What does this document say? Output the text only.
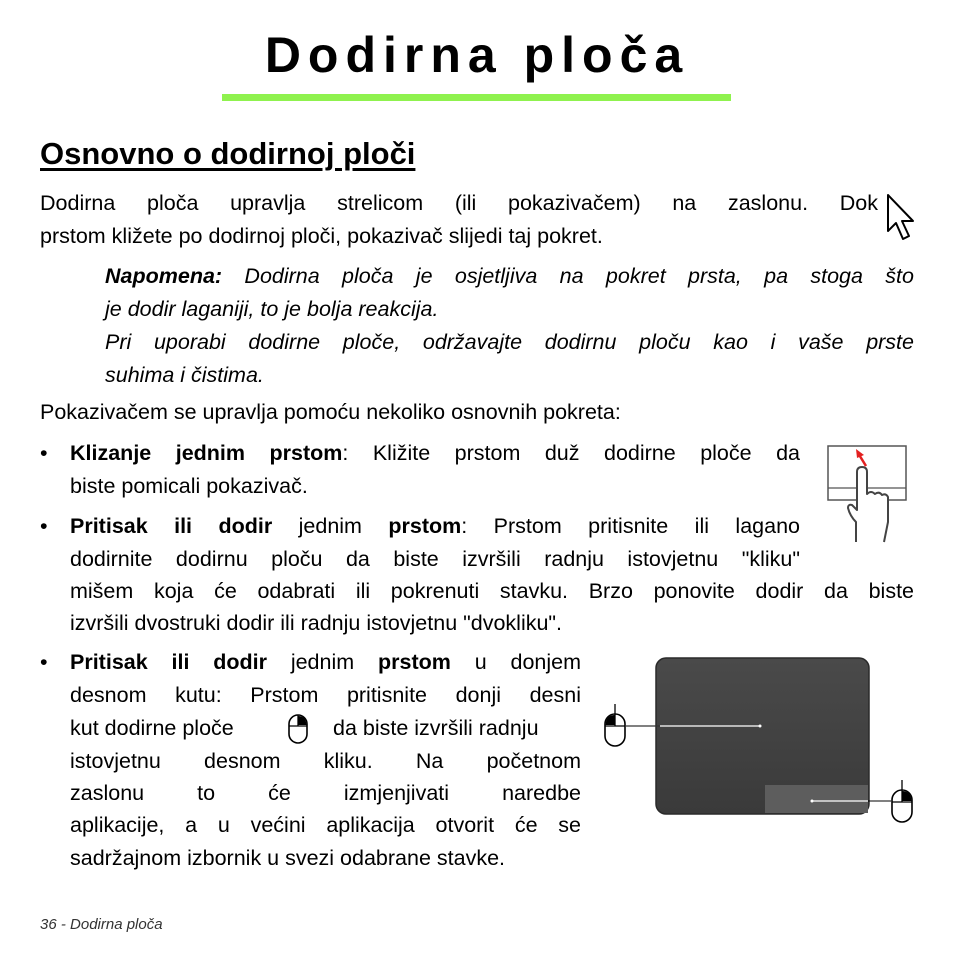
Dodirna ploča
Osnovno o dodirnoj ploči

Dodirna ploča upravlja strelicom (ili pokazivačem) na zaslonu. Dok

prstom kližete po dodirnoj ploči, pokazivač slijedi taj pokret.

Napomena: Dodirna ploča je osjetljiva na pokret prsta, pa stoga što

je dodir laganiji, to je bolja reakcija.

Pri uporabi dodirne ploče, održavajte dodirnu ploču kao i vaše prste

suhima i čistima.

Pokazivačem se upravlja pomoću nekoliko osnovnih pokreta:

• Klizanje jednim prstom: Kližite prstom duž dodirne ploče da

biste pomicali pokazivač.

• Pritisak ili dodir jednim prstom: Prstom pritisnite ili lagano

dodirnite dodirnu ploču da biste izvršili radnju istovjetnu "kliku"

mišem koja će odabrati ili pokrenuti stavku. Brzo ponovite dodir da biste

izvršili dvostruki dodir ili radnju istovjetnu "dvokliku".

• Pritisak ili dodir jednim prstom u donjem

desnom kutu: Prstom pritisnite donji desni

kut dodirne ploče	da biste izvršili radnju

istovjetnu desnom kliku. Na početnom

zaslonu to će izmjenjivati naredbe

aplikacije, a u većini aplikacija otvorit će se

sadržajnom izbornik u svezi odabrane stavke.

36 - Dodirna ploča
